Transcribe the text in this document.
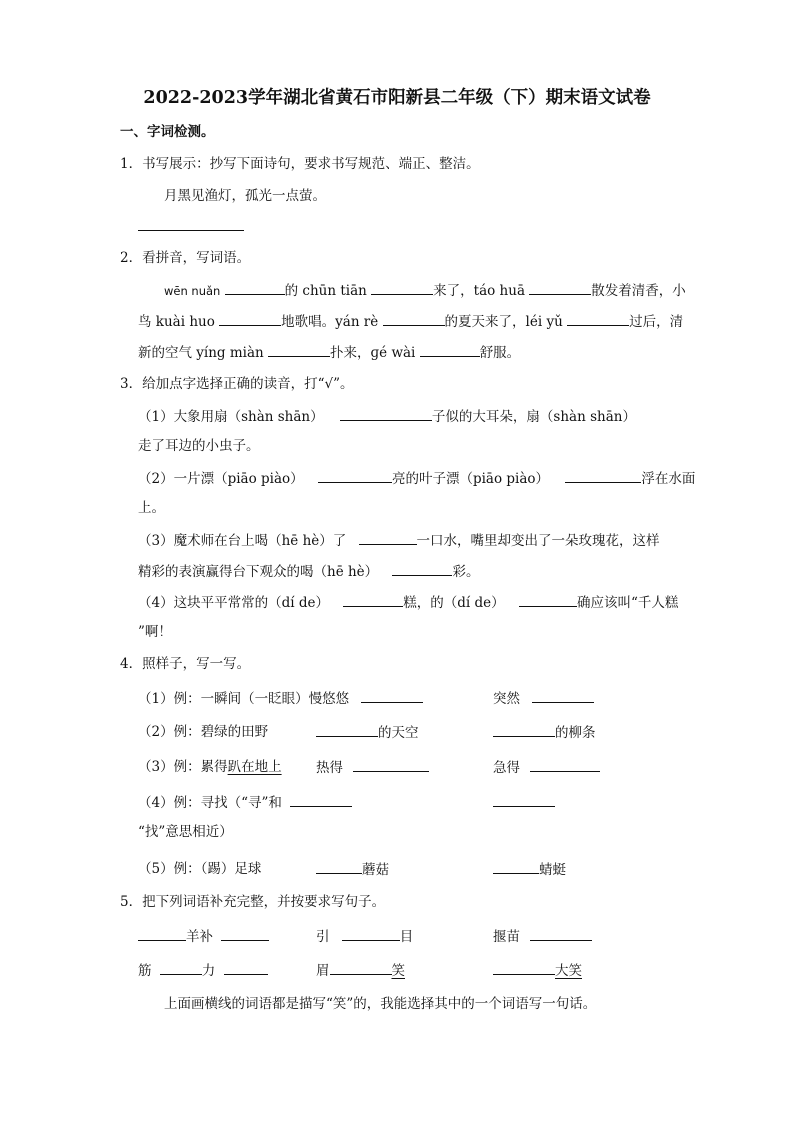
2022-2023学年湖北省黄石市阳新县二年级（下）期末语文试卷
一、字词检测。
1．书写展示：抄写下面诗句，要求书写规范、端正、整洁。
月黑见渔灯，孤光一点萤。
2．看拼音，写词语。
wēn nuǎn	的 chūn tiān	来了，táo huā	散发着清香，小
鸟 kuài huo	地歌唱。yán rè	的夏天来了，léi yǔ	过后，清
新的空气 yíng miàn	扑来，ɡé wài	舒服。
3．给加点字选择正确的读音，打“√”。
（1）大象用扇（shàn shān）	子似的大耳朵，扇（shàn shān）
走了耳边的小虫子。
（2）一片漂（piāo piào）	亮的叶子漂（piāo piào）	浮在水面
上。
（3）魔术师在台上喝（hē hè）了	一口水，嘴里却变出了一朵玫瑰花，这样
精彩的表演赢得台下观众的喝（hē hè）	彩。
（4）这块平平常常的（dí de）	糕，的（dí de）	确应该叫“千人糕
”啊！
4．照样子，写一写。
（1）例：一瞬间（一眨眼）慢悠悠	突然
（2）例：碧绿的田野	的天空	的柳条
（3）例：累得趴在地上	热得	急得
（4）例：寻找（“寻”和
“找”意思相近）
（5）例：（踢）足球	蘑菇	蜻蜓
5．把下列词语补充完整，并按要求写句子。
羊补	引	目	揠苗
筋	力	眉	笑	大笑
上面画横线的词语都是描写“笑”的，我能选择其中的一个词语写一句话。
